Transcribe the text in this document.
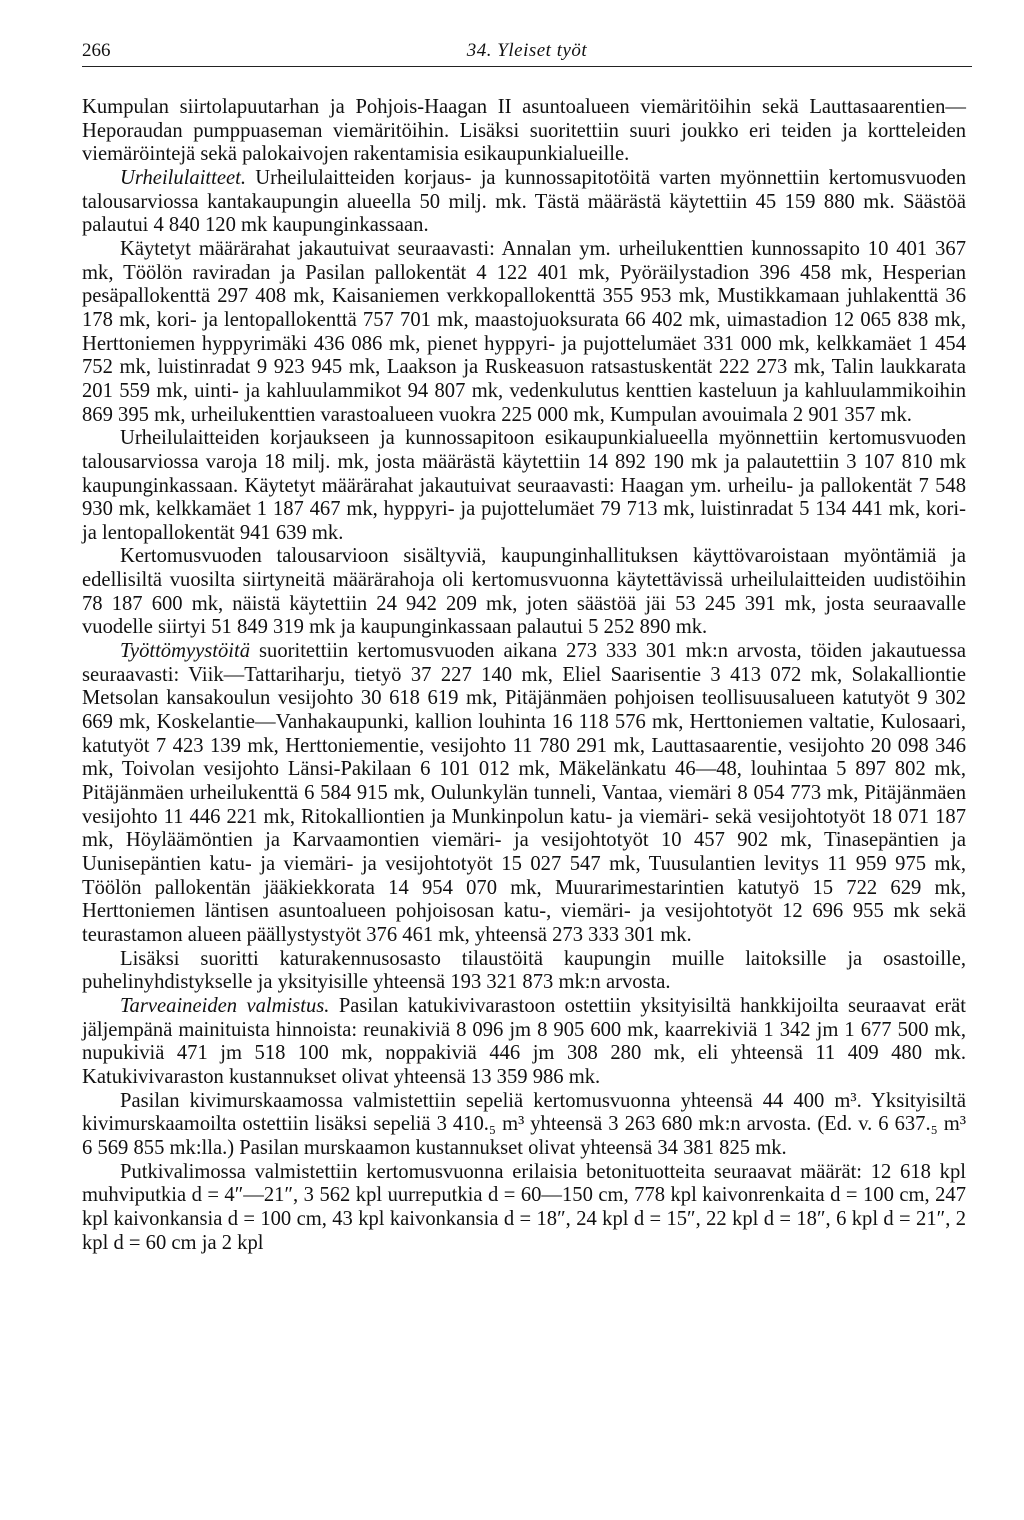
266	34. Yleiset työt

Kumpulan siirtolapuutarhan ja Pohjois-Haagan II asuntoalueen viemäritöihin sekä Lauttasaarentien—Heporaudan pumppuaseman viemäritöihin. Lisäksi suoritettiin suuri joukko eri teiden ja kortteleiden viemäröintejä sekä palokaivojen rakentamisia esikaupunkialueille.

Urheilulaitteet. Urheilulaitteiden korjaus- ja kunnossapitotöitä varten myönnettiin kertomusvuoden talousarviossa kantakaupungin alueella 50 milj. mk. Tästä määrästä käytettiin 45 159 880 mk. Säästöä palautui 4 840 120 mk kaupunginkassaan.

Käytetyt määrärahat jakautuivat seuraavasti: Annalan ym. urheilukenttien kunnossapito 10 401 367 mk, Töölön raviradan ja Pasilan pallokentät 4 122 401 mk, Pyöräilystadion 396 458 mk, Hesperian pesäpallokenttä 297 408 mk, Kaisaniemen verkkopallokenttä 355 953 mk, Mustikkamaan juhlakenttä 36 178 mk, kori- ja lentopallokenttä 757 701 mk, maastojuoksurata 66 402 mk, uimastadion 12 065 838 mk, Herttoniemen hyppyrimäki 436 086 mk, pienet hyppyri- ja pujottelumäet 331 000 mk, kelkkamäet 1 454 752 mk, luistinradat 9 923 945 mk, Laakson ja Ruskeasuon ratsastuskentät 222 273 mk, Talin laukkarata 201 559 mk, uinti- ja kahluulammikot 94 807 mk, vedenkulutus kenttien kasteluun ja kahluulammikoihin 869 395 mk, urheilukenttien varastoalueen vuokra 225 000 mk, Kumpulan avouimala 2 901 357 mk.

Urheilulaitteiden korjaukseen ja kunnossapitoon esikaupunkialueella myönnettiin kertomusvuoden talousarviossa varoja 18 milj. mk, josta määrästä käytettiin 14 892 190 mk ja palautettiin 3 107 810 mk kaupunginkassaan. Käytetyt määrärahat jakautuivat seuraavasti: Haagan ym. urheilu- ja pallokentät 7 548 930 mk, kelkkamäet 1 187 467 mk, hyppyri- ja pujottelumäet 79 713 mk, luistinradat 5 134 441 mk, kori- ja lentopallokentät 941 639 mk.

Kertomusvuoden talousarvioon sisältyviä, kaupunginhallituksen käyttövaroistaan myöntämiä ja edellisiltä vuosilta siirtyneitä määrärahoja oli kertomusvuonna käytettävissä urheilulaitteiden uudistöihin 78 187 600 mk, näistä käytettiin 24 942 209 mk, joten säästöä jäi 53 245 391 mk, josta seuraavalle vuodelle siirtyi 51 849 319 mk ja kaupunginkassaan palautui 5 252 890 mk.

Työttömyystöitä suoritettiin kertomusvuoden aikana 273 333 301 mk:n arvosta, töiden jakautuessa seuraavasti: Viik—Tattariharju, tietyö 37 227 140 mk, Eliel Saarisentie 3 413 072 mk, Solakalliontie Metsolan kansakoulun vesijohto 30 618 619 mk, Pitäjänmäen pohjoisen teollisuusalueen katutyöt 9 302 669 mk, Koskelantie—Vanhakaupunki, kallion louhinta 16 118 576 mk, Herttoniemen valtatie, Kulosaari, katutyöt 7 423 139 mk, Herttoniementie, vesijohto 11 780 291 mk, Lauttasaarentie, vesijohto 20 098 346 mk, Toivolan vesijohto Länsi-Pakilaan 6 101 012 mk, Mäkelänkatu 46—48, louhintaa 5 897 802 mk, Pitäjänmäen urheilukenttä 6 584 915 mk, Oulunkylän tunneli, Vantaa, viemäri 8 054 773 mk, Pitäjänmäen vesijohto 11 446 221 mk, Ritokalliontien ja Munkinpolun katu- ja viemäri- sekä vesijohtotyöt 18 071 187 mk, Höyläämöntien ja Karvaamontien viemäri- ja vesijohtotyöt 10 457 902 mk, Tinasepäntien ja Uunisepäntien katu- ja viemäri- ja vesijohtotyöt 15 027 547 mk, Tuusulantien levitys 11 959 975 mk, Töölön pallokentän jääkiekkorata 14 954 070 mk, Muurarimestarintien katutyö 15 722 629 mk, Herttoniemen läntisen asuntoalueen pohjoisosan katu-, viemäri- ja vesijohtotyöt 12 696 955 mk sekä teurastamon alueen päällystystyöt 376 461 mk, yhteensä 273 333 301 mk.

Lisäksi suoritti katurakennusosasto tilaustöitä kaupungin muille laitoksille ja osastoille, puhelinyhdistykselle ja yksityisille yhteensä 193 321 873 mk:n arvosta.

Tarveaineiden valmistus. Pasilan katukivivarastoon ostettiin yksityisiltä hankkijoilta seuraavat erät jäljempänä mainituista hinnoista: reunakiviä 8 096 jm 8 905 600 mk, kaarrekiviä 1 342 jm 1 677 500 mk, nupukiviä 471 jm 518 100 mk, noppakiviä 446 jm 308 280 mk, eli yhteensä 11 409 480 mk. Katukivivaraston kustannukset olivat yhteensä 13 359 986 mk.

Pasilan kivimurskaamossa valmistettiin sepeliä kertomusvuonna yhteensä 44 400 m³. Yksityisiltä kivimurskaamoilta ostettiin lisäksi sepeliä 3 410.₅ m³ yhteensä 3 263 680 mk:n arvosta. (Ed. v. 6 637.₅ m³ 6 569 855 mk:lla.) Pasilan murskaamon kustannukset olivat yhteensä 34 381 825 mk.

Putkivalimossa valmistettiin kertomusvuonna erilaisia betonituotteita seuraavat määrät: 12 618 kpl muhviputkia d = 4″—21″, 3 562 kpl uurreputkia d = 60—150 cm, 778 kpl kaivonrenkaita d = 100 cm, 247 kpl kaivonkansia d = 100 cm, 43 kpl kaivonkansia d = 18″, 24 kpl d = 15″, 22 kpl d = 18″, 6 kpl d = 21″, 2 kpl d = 60 cm ja 2 kpl
